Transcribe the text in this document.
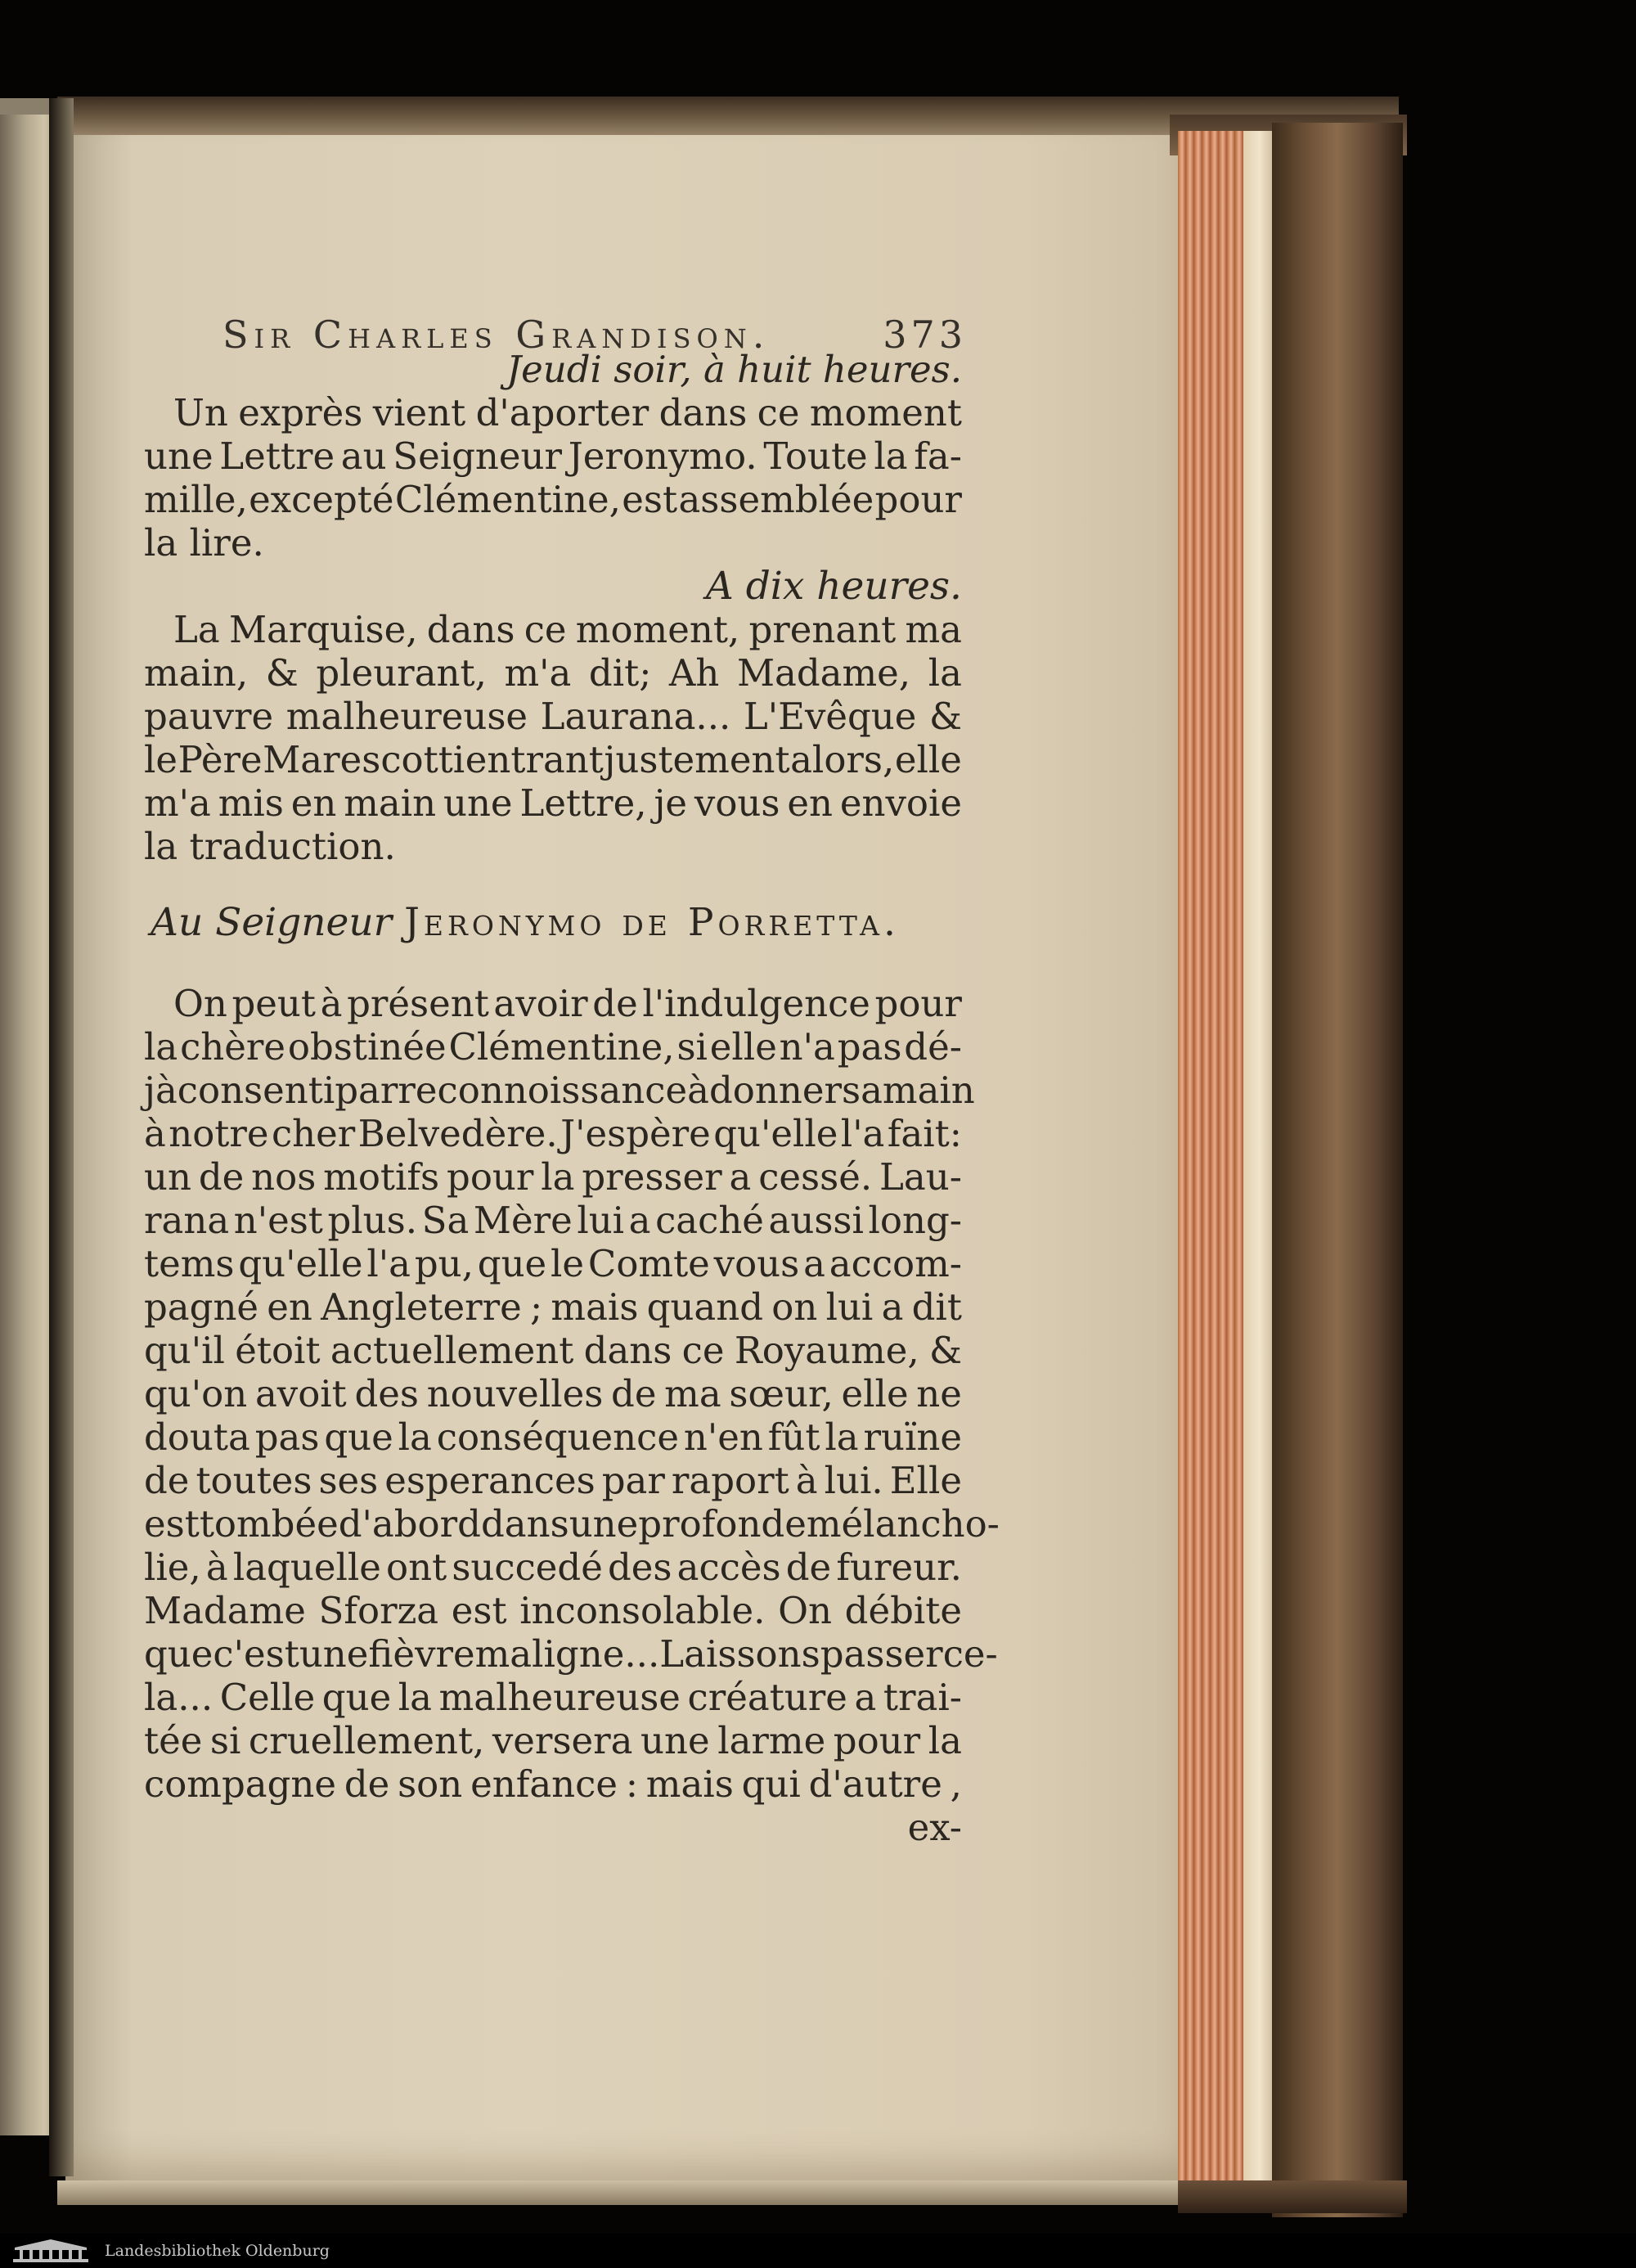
Sir Charles Grandison.	373
Jeudi soir, à huit heures.
Un exprès vient d'aporter dans ce moment
une Lettre au Seigneur Jeronymo. Toute la fa-
mille, excepté Clémentine, est assemblée pour
la lire.
A dix heures.
La Marquise, dans ce moment, prenant ma
main, & pleurant, m'a dit; Ah Madame, la
pauvre malheureuse Laurana... L'Evêque &
le Père Marescotti entrant justement alors, elle
m'a mis en main une Lettre, je vous en envoie
la traduction.
Au Seigneur
Jeronymo de Porretta.
On peut à présent avoir de l'indulgence pour
la chère obstinée Clémentine, si elle n'a pas dé-
jà consenti par reconnoissance à donner sa main
à notre cher Belvedère. J'espère qu'elle l'a fait:
un de nos motifs pour la presser a cessé. Lau-
rana n'est plus. Sa Mère lui a caché aussi long-
tems qu'elle l'a pu, que le Comte vous a accom-
pagné en Angleterre ; mais quand on lui a dit
qu'il étoit actuellement dans ce Royaume, &
qu'on avoit des nouvelles de ma sœur, elle ne
douta pas que la conséquence n'en fût la ruïne
de toutes ses esperances par raport à lui. Elle
est tombée d'abord dans une profonde mélancho-
lie, à laquelle ont succedé des accès de fureur.
Madame Sforza est inconsolable. On débite
que c'est une fièvre maligne... Laissons passer ce-
la... Celle que la malheureuse créature a trai-
tée si cruellement, versera une larme pour la
compagne de son enfance : mais qui d'autre ,
ex-
Landesbibliothek Oldenburg
